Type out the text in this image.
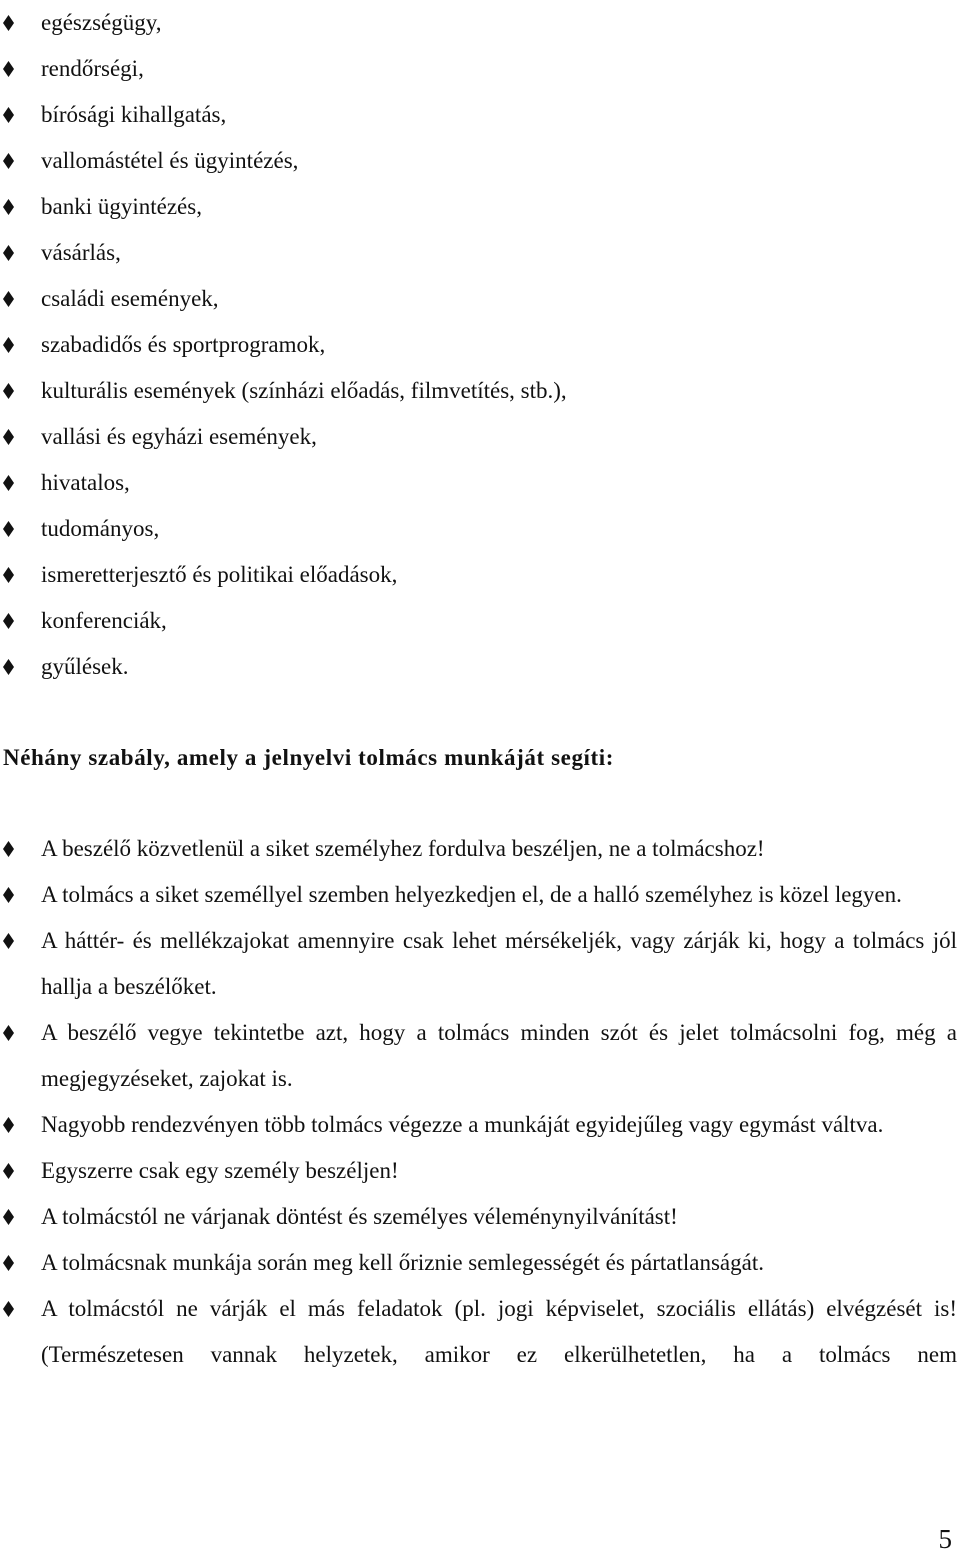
egészségügy,
rendőrségi,
bírósági kihallgatás,
vallomástétel és ügyintézés,
banki ügyintézés,
vásárlás,
családi események,
szabadidős és sportprogramok,
kulturális események (színházi előadás, filmvetítés, stb.),
vallási és egyházi események,
hivatalos,
tudományos,
ismeretterjesztő és politikai előadások,
konferenciák,
gyűlések.
Néhány szabály, amely a jelnyelvi tolmács munkáját segíti:
A beszélő közvetlenül a siket személyhez fordulva beszéljen, ne a tolmácshoz!
A tolmács a siket személlyel szemben helyezkedjen el, de a halló személyhez is közel legyen.
A háttér- és mellékzajokat amennyire csak lehet mérsékeljék, vagy zárják ki, hogy a tolmács jól hallja a beszélőket.
A beszélő vegye tekintetbe azt, hogy a tolmács minden szót és jelet tolmácsolni fog, még a megjegyzéseket, zajokat is.
Nagyobb rendezvényen több tolmács végezze a munkáját egyidejűleg vagy egymást váltva.
Egyszerre csak egy személy beszéljen!
A tolmácstól ne várjanak döntést és személyes véleménynyilvánítást!
A tolmácsnak munkája során meg kell őriznie semlegességét és pártatlanságát.
A tolmácstól ne várják el más feladatok (pl. jogi képviselet, szociális ellátás) elvégzését is! (Természetesen vannak helyzetek, amikor ez elkerülhetetlen, ha a tolmács nem
5
